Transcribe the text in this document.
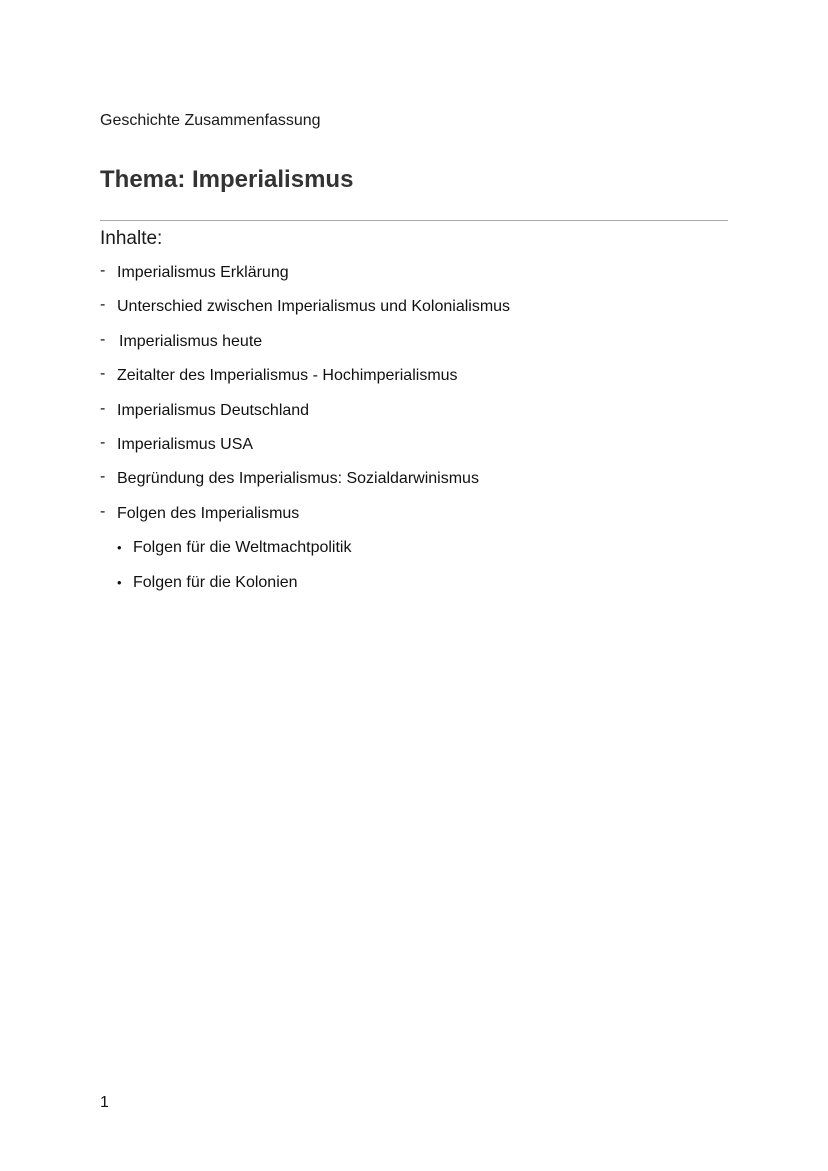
Geschichte Zusammenfassung
Thema: Imperialismus
Inhalte:
- Imperialismus Erklärung
- Unterschied zwischen Imperialismus und Kolonialismus
- Imperialismus heute
- Zeitalter des Imperialismus - Hochimperialismus
- Imperialismus Deutschland
- Imperialismus USA
- Begründung des Imperialismus: Sozialdarwinismus
- Folgen des Imperialismus
• Folgen für die Weltmachtpolitik
• Folgen für die Kolonien
1
